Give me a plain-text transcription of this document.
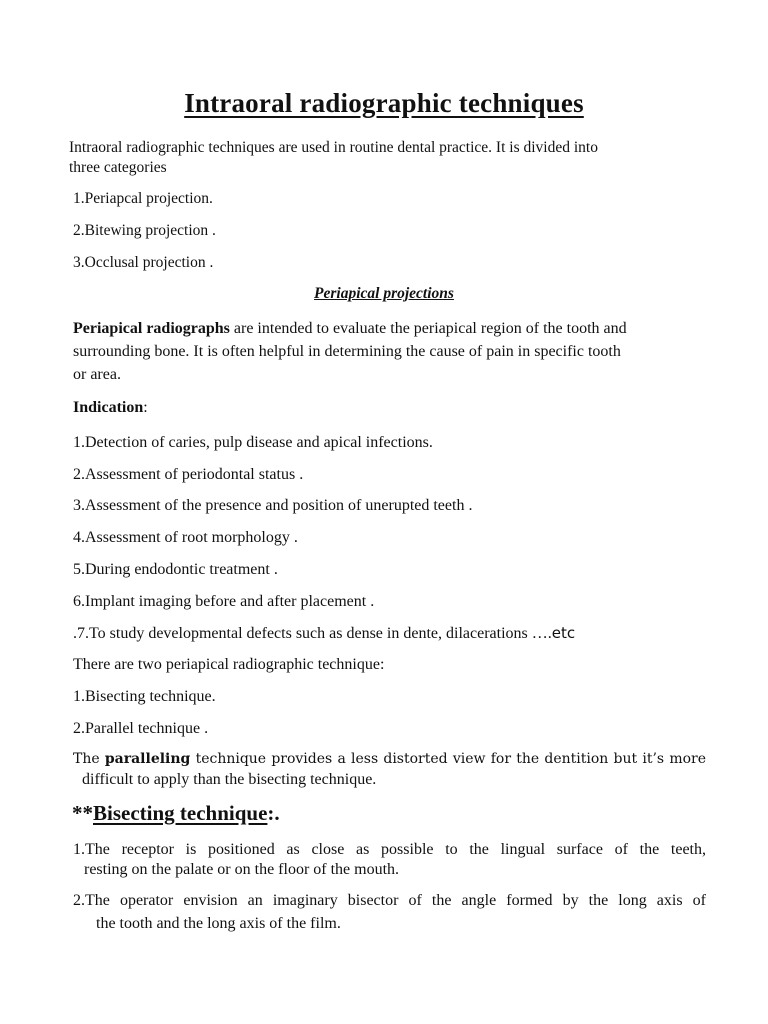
Intraoral radiographic techniques

Intraoral radiographic techniques are used in routine dental practice. It is divided into

three categories

1.Periapcal projection.

2.Bitewing projection .

3.Occlusal projection .

Periapical projections

Periapical radiographs are intended to evaluate the periapical region of the tooth and

surrounding bone. It is often helpful in determining the cause of pain in specific tooth

or area.

Indication:

1.Detection of caries, pulp disease and apical infections.

2.Assessment of periodontal status .

3.Assessment of the presence and position of unerupted teeth .

4.Assessment of root morphology .

5.During endodontic treatment .

6.Implant imaging before and after placement .

.7.To study developmental defects such as dense in dente, dilacerations ….etc

There are two periapical radiographic technique:

1.Bisecting technique.

2.Parallel technique .

The paralleling technique provides a less distorted view for the dentition but it’s more

difficult to apply than the bisecting technique.

**Bisecting technique:.

1.The receptor is positioned as close as possible to the lingual surface of the teeth,

resting on the palate or on the floor of the mouth.

2.The operator envision an imaginary bisector of the angle formed by the long axis of

the tooth and the long axis of the film.
